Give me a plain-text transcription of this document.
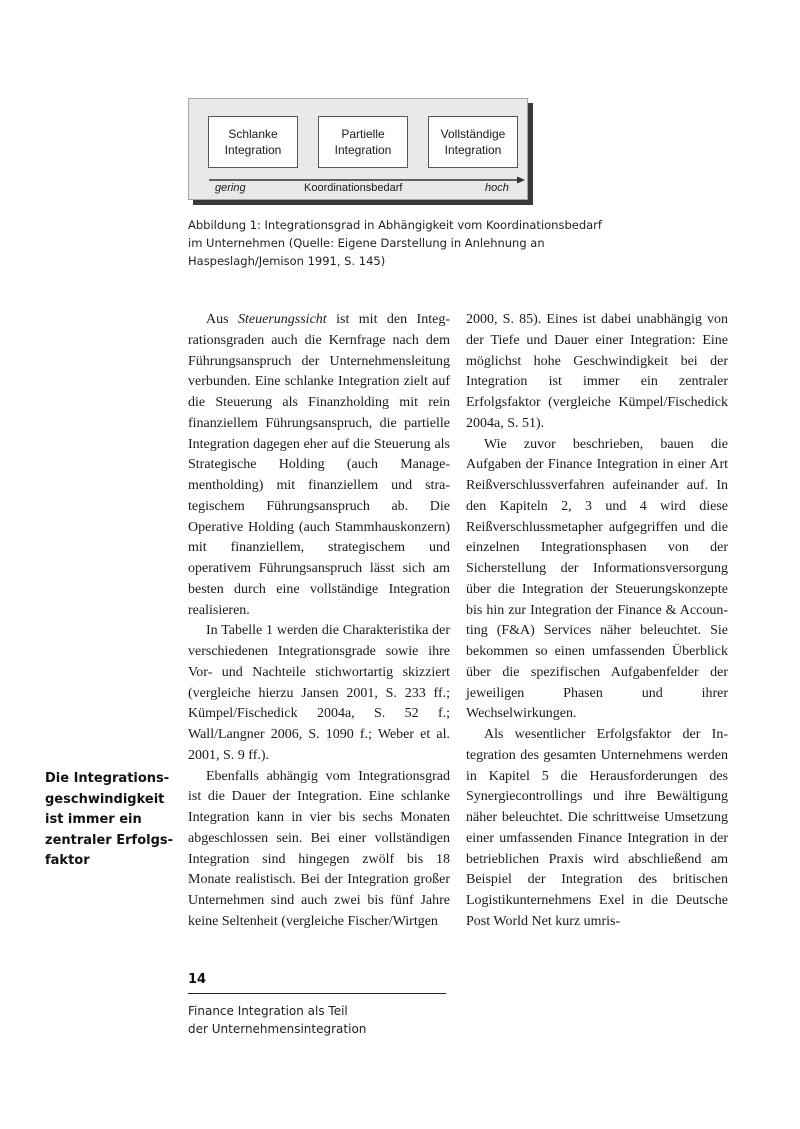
Schlanke
Integration
Partielle
Integration
Vollständige
Integration
gering	Koordinationsbedarf	hoch
Abbildung 1: Integrationsgrad in Abhängigkeit vom Koordinationsbedarf
im Unternehmen (Quelle: Eigene Darstellung in Anlehnung an
Haspeslagh/Jemison 1991, S. 145)

Aus Steuerungssicht ist mit den Integrationsgraden auch die Kernfrage nach dem Führungsanspruch der Unternehmensleitung verbunden. Eine schlanke Integration zielt auf die Steuerung als Finanzholding mit rein finanziellem Führungsanspruch, die partielle Integration dagegen eher auf die Steuerung als Strategische Holding (auch Managementholding) mit finanziellem und strategischem Führungsanspruch ab. Die Operative Holding (auch Stammhauskonzern) mit finanziellem, strategischem und operativem Führungsanspruch lässt sich am besten durch eine vollständige Integration realisieren.

In Tabelle 1 werden die Charakteristika der verschiedenen Integrationsgrade sowie ihre Vor- und Nachteile stichwortartig skizziert (vergleiche hierzu Jansen 2001, S. 233 ff.; Kümpel/Fischedick 2004a, S. 52 f.; Wall/Langner 2006, S. 1090 f.; Weber et al. 2001, S. 9 ff.).

Ebenfalls abhängig vom Integrationsgrad ist die Dauer der Integration. Eine schlanke Integration kann in vier bis sechs Monaten abgeschlossen sein. Bei einer vollständigen Integration sind hingegen zwölf bis 18 Monate realistisch. Bei der Integration großer Unternehmen sind auch zwei bis fünf Jahre keine Seltenheit (vergleiche Fischer/Wirtgen

2000, S. 85). Eines ist dabei unabhängig von der Tiefe und Dauer einer Integration: Eine möglichst hohe Geschwindigkeit bei der Integration ist immer ein zentraler Erfolgsfaktor (vergleiche Kümpel/Fischedick 2004a, S. 51).

Wie zuvor beschrieben, bauen die Aufgaben der Finance Integration in einer Art Reißverschlussverfahren aufeinander auf. In den Kapiteln 2, 3 und 4 wird diese Reißverschlussmetapher aufgegriffen und die einzelnen Integrationsphasen von der Sicherstellung der Informationsversorgung über die Integration der Steuerungskonzepte bis hin zur Integration der Finance & Accounting (F&A) Services näher beleuchtet. Sie bekommen so einen umfassenden Überblick über die spezifischen Aufgabenfelder der jeweiligen Phasen und ihrer Wechselwirkungen.

Als wesentlicher Erfolgsfaktor der Integration des gesamten Unternehmens werden in Kapitel 5 die Herausforderungen des Synergiecontrollings und ihre Bewältigung näher beleuchtet. Die schrittweise Umsetzung einer umfassenden Finance Integration in der betrieblichen Praxis wird abschließend am Beispiel der Integration des britischen Logistikunternehmens Exel in die Deutsche Post World Net kurz umris-

Die Integrations-
geschwindigkeit
ist immer ein
zentraler Erfolgs-
faktor
14
Finance Integration als Teil
der Unternehmensintegration
